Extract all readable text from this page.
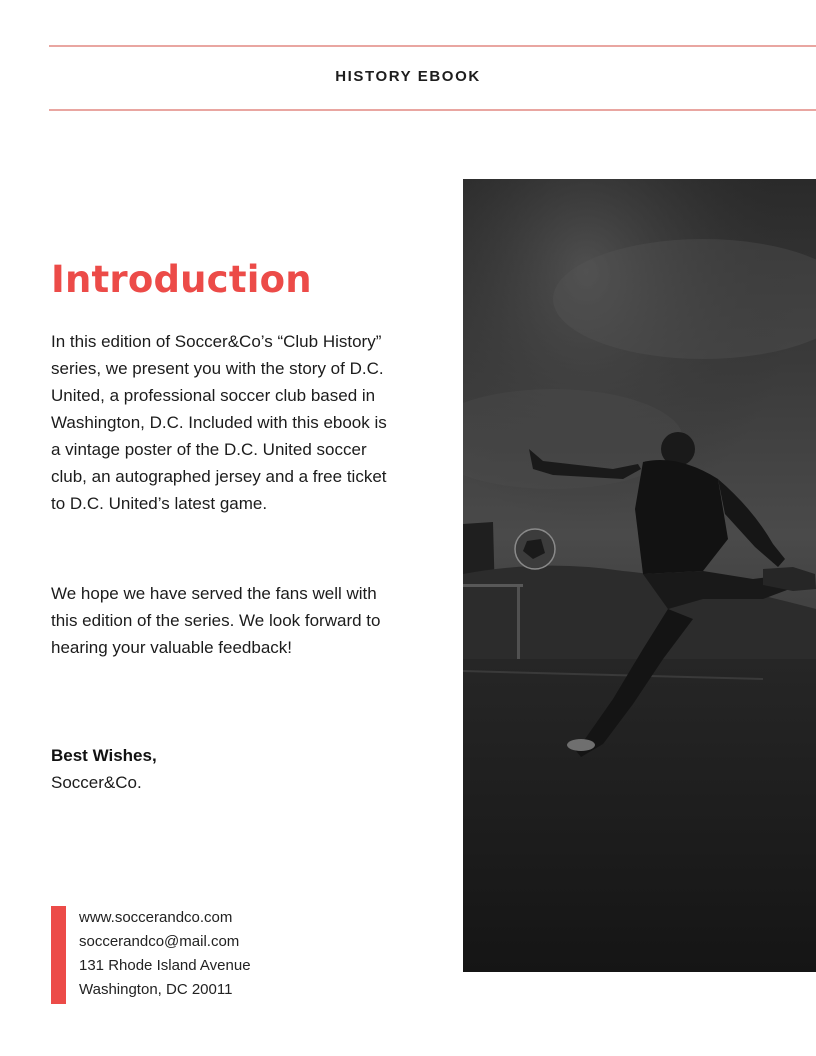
HISTORY EBOOK
Introduction

In this edition of Soccer&Co’s “Club History” series, we present you with the story of D.C. United, a professional soccer club based in Washington, D.C. Included with this ebook is a vintage poster of the D.C. United soccer club, an autographed jersey and a free ticket to D.C. United’s latest game.

We hope we have served the fans well with this edition of the series. We look forward to hearing your valuable feedback!

Best Wishes,
Soccer&Co.
www.soccerandco.com
soccerandco@mail.com
131 Rhode Island Avenue
Washington, DC 20011
